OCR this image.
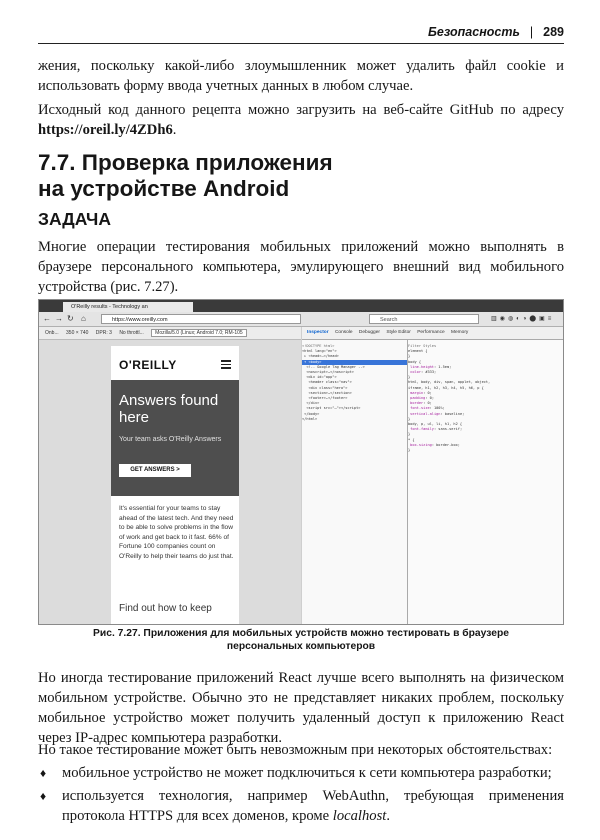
Безопасность | 289

жения, поскольку какой-либо злоумышленник может удалить файл cookie и использовать форму ввода учетных данных в любом случае.

Исходный код данного рецепта можно загрузить на веб-сайте GitHub по адресу https://oreil.ly/4ZDh6.

7.7. Проверка приложения
на устройстве Android
ЗАДАЧА

Многие операции тестирования мобильных приложений можно выполнять в браузере персонального компьютера, эмулирующего внешний вид мобильного устройства (рис. 7.27).

O'Reilly results - Technology an
← → ↻ ⌂	https://www.oreilly.com	Search	▥◉◍◐◑⬤▣≡
Onb... 350 × 740 DPR: 3 No throttl... Mozilla/5.0 (Linux; Android 7.0; RM-105
O'REILLY
Answers found here
Your team asks O'Reilly Answers
GET ANSWERS >
It's essential for your teams to stay ahead of the latest tech. And they need to be able to solve problems in the flow of work and get back to it fast. 66% of Fortune 100 companies count on O'Reilly to help their teams do just that.
Find out how to keep
Inspector Console Debugger Style Editor Performance Memory
<!DOCTYPE html>
<html lang="en">
▸ <head>…</head>
▾ <body>
<!-- Google Tag Manager -->
<noscript>…</noscript>
<div id="app">
<header class="nav">
<div class="hero">
<section>…</section>
<footer>…</footer>
</div>
<script src="…"></script>
</body>
</html>
Filter Styles
element {
}
body {
line-height: 1.5em;
color: #333;
}
html, body, div, span, applet, object,
iframe, h1, h2, h3, h4, h5, h6, p {
margin: 0;
padding: 0;
border: 0;
font-size: 100%;
vertical-align: baseline;
}
body, p, ul, li, h1, h2 {
font-family: sans-serif;
}
* {
box-sizing: border-box;
}
Рис. 7.27. Приложения для мобильных устройств можно тестировать в браузере
персональных компьютеров

Но иногда тестирование приложений React лучше всего выполнять на физическом мобильном устройстве. Обычно это не представляет никаких проблем, поскольку мобильное устройство может получить удаленный доступ к приложению React через IP-адрес компьютера разработки.

Но такое тестирование может быть невозможным при некоторых обстоятельствах:

♦ мобильное устройство не может подключиться к сети компьютера разработки;
♦ используется технология, например WebAuthn, требующая применения протокола HTTPS для всех доменов, кроме localhost.
